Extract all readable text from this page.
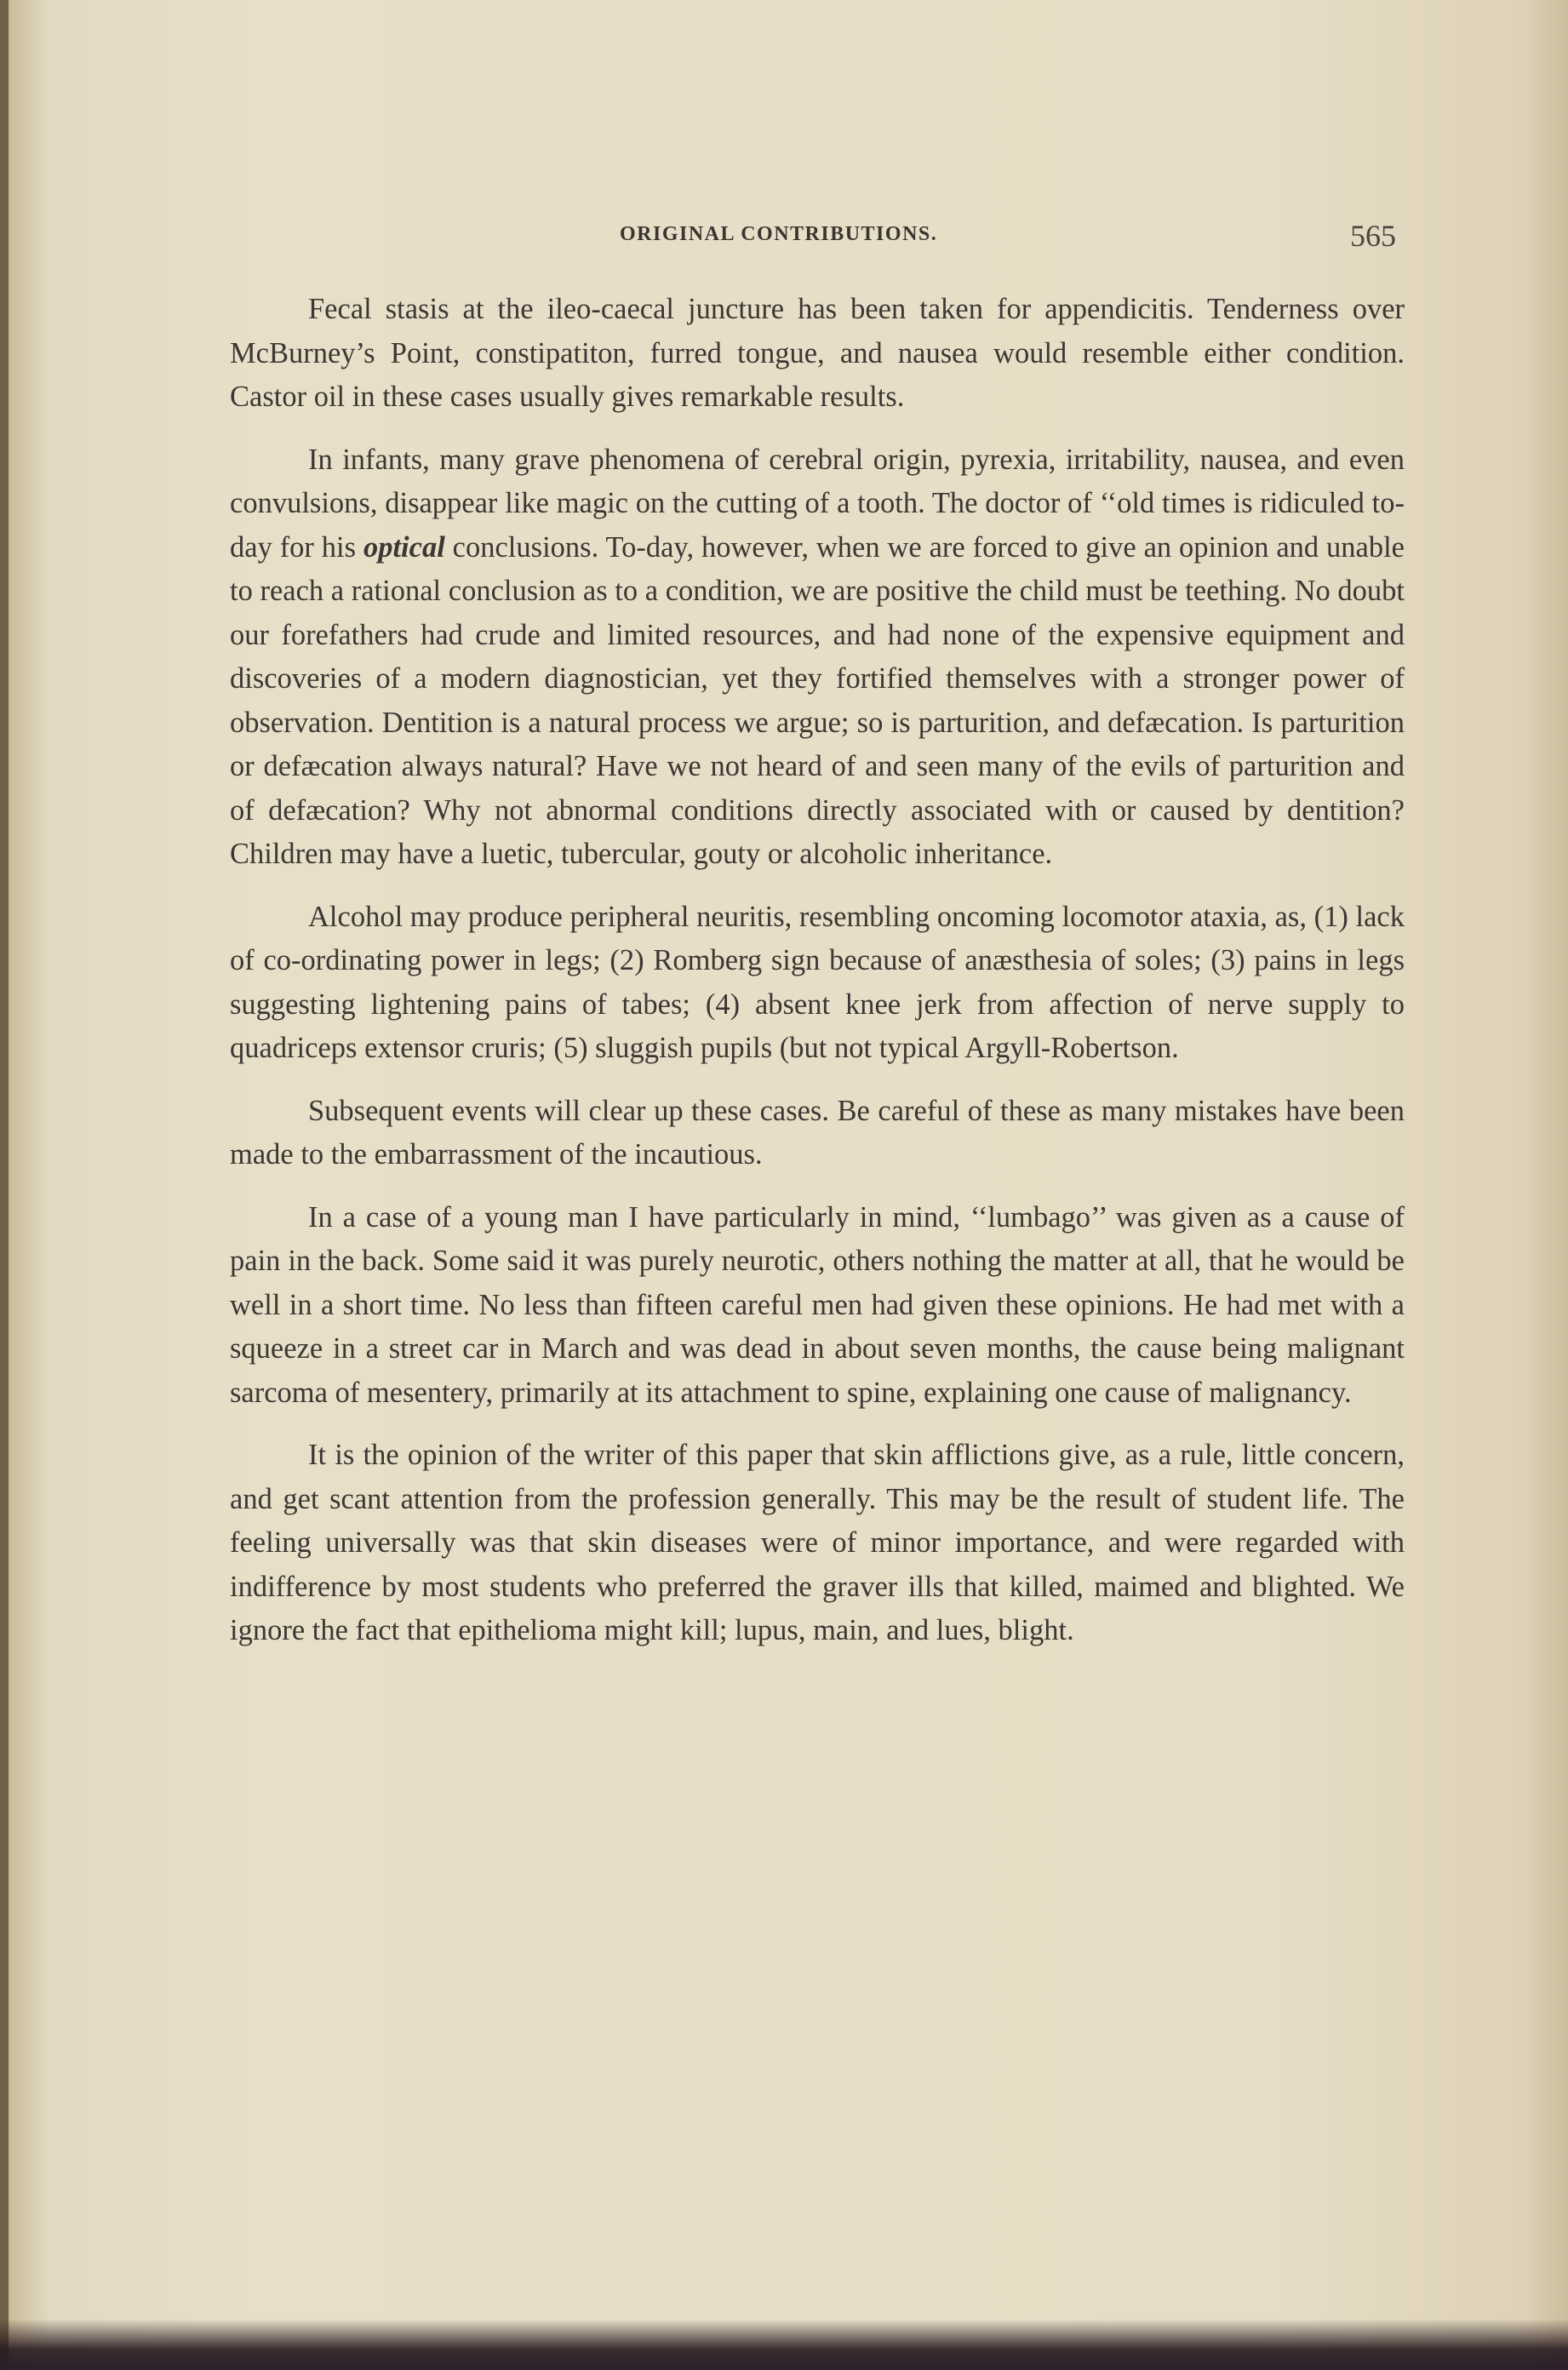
ORIGINAL CONTRIBUTIONS.	565

Fecal stasis at the ileo-caecal juncture has been taken for appendicitis. Tenderness over McBurney’s Point, constipatiton, furred tongue, and nausea would resemble either condition. Castor oil in these cases usually gives remarkable results.

In infants, many grave phenomena of cerebral origin, pyrexia, irritability, nausea, and even convulsions, disappear like magic on the cutting of a tooth. The doctor of ‘‘old times is ridiculed to-day for his optical conclusions. To-day, however, when we are forced to give an opinion and unable to reach a rational conclusion as to a condition, we are positive the child must be teething. No doubt our forefathers had crude and limited resources, and had none of the expensive equipment and discoveries of a modern diagnostician, yet they fortified themselves with a stronger power of observation. Dentition is a natural process we argue; so is parturition, and defæcation. Is parturition or defæcation always natural? Have we not heard of and seen many of the evils of parturition and of defæcation? Why not abnormal conditions directly associated with or caused by dentition? Children may have a luetic, tubercular, gouty or alcoholic inheritance.

Alcohol may produce peripheral neuritis, resembling oncoming locomotor ataxia, as, (1) lack of co-ordinating power in legs; (2) Romberg sign because of anæsthesia of soles; (3) pains in legs suggesting lightening pains of tabes; (4) absent knee jerk from affection of nerve supply to quadriceps extensor cruris; (5) sluggish pupils (but not typical Argyll-Robertson.

Subsequent events will clear up these cases. Be careful of these as many mistakes have been made to the embarrassment of the incautious.

In a case of a young man I have particularly in mind, ‘‘lumbago’’ was given as a cause of pain in the back. Some said it was purely neurotic, others nothing the matter at all, that he would be well in a short time. No less than fifteen careful men had given these opinions. He had met with a squeeze in a street car in March and was dead in about seven months, the cause being malignant sarcoma of mesentery, primarily at its attachment to spine, explaining one cause of malignancy.

It is the opinion of the writer of this paper that skin afflictions give, as a rule, little concern, and get scant attention from the profession generally. This may be the result of student life. The feeling universally was that skin diseases were of minor importance, and were regarded with indifference by most students who preferred the graver ills that killed, maimed and blighted. We ignore the fact that epithelioma might kill; lupus, main, and lues, blight.
